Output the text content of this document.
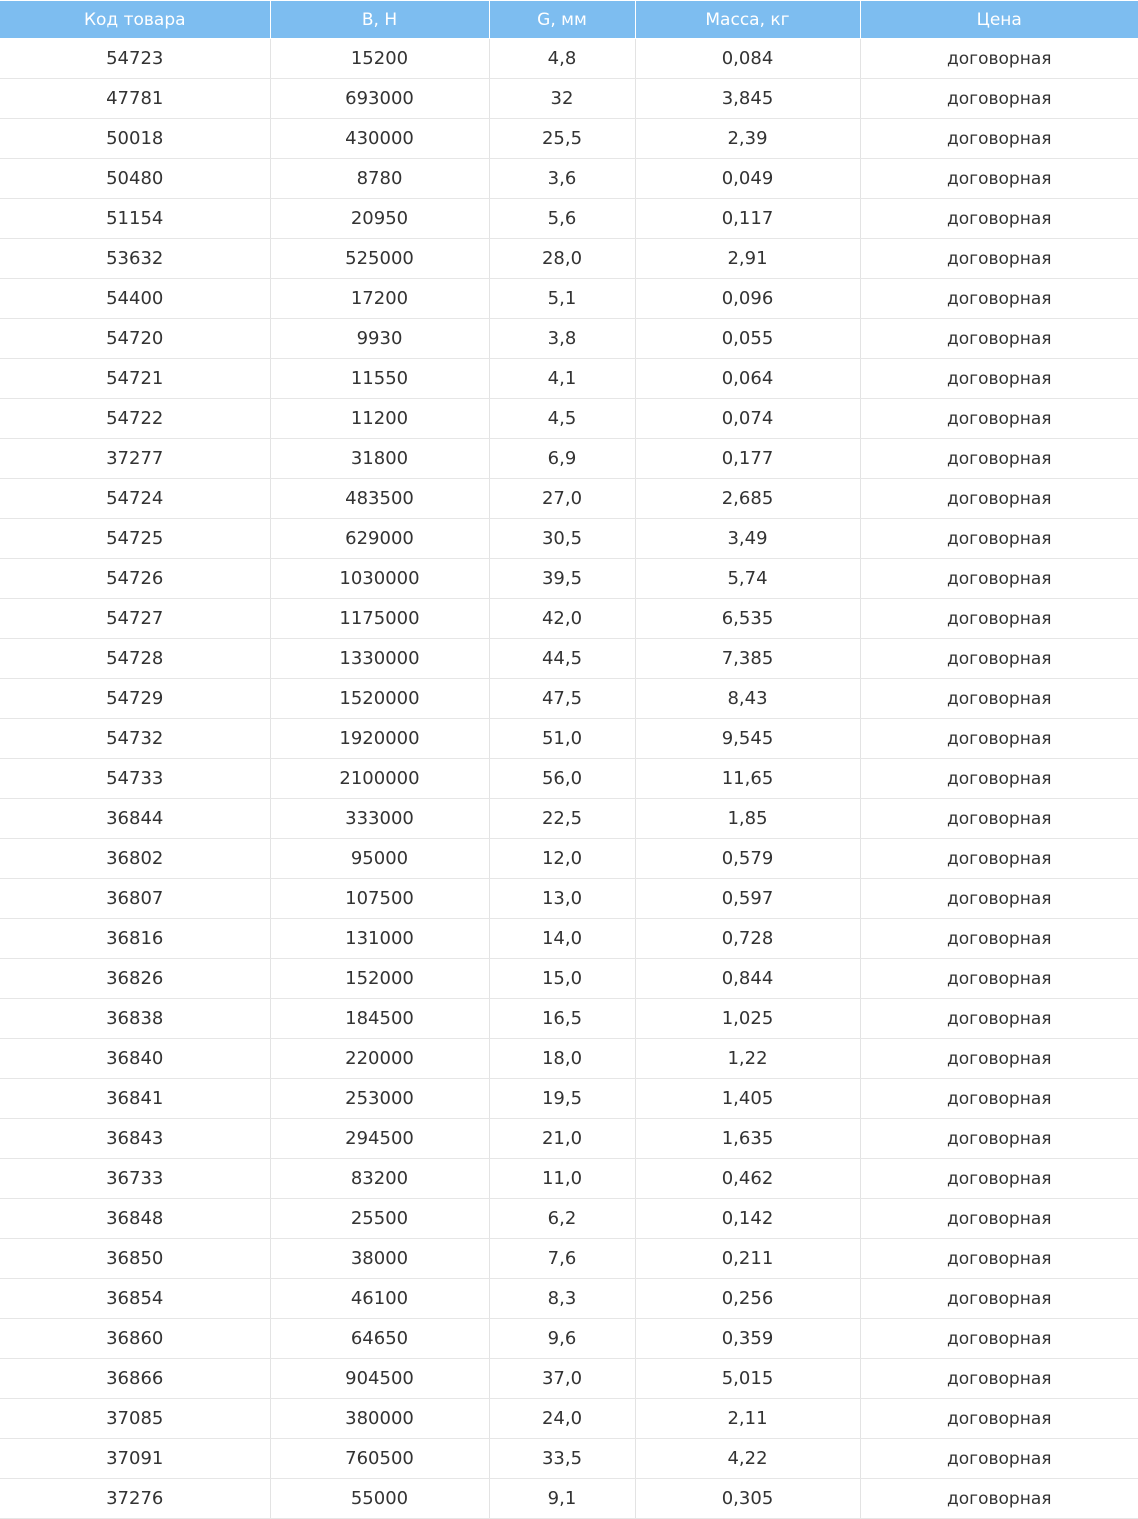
Код товара	В, Н	G, мм	Масса, кг	Цена
54723	15200	4,8	0,084	договорная
47781	693000	32	3,845	договорная
50018	430000	25,5	2,39	договорная
50480	8780	3,6	0,049	договорная
51154	20950	5,6	0,117	договорная
53632	525000	28,0	2,91	договорная
54400	17200	5,1	0,096	договорная
54720	9930	3,8	0,055	договорная
54721	11550	4,1	0,064	договорная
54722	11200	4,5	0,074	договорная
37277	31800	6,9	0,177	договорная
54724	483500	27,0	2,685	договорная
54725	629000	30,5	3,49	договорная
54726	1030000	39,5	5,74	договорная
54727	1175000	42,0	6,535	договорная
54728	1330000	44,5	7,385	договорная
54729	1520000	47,5	8,43	договорная
54732	1920000	51,0	9,545	договорная
54733	2100000	56,0	11,65	договорная
36844	333000	22,5	1,85	договорная
36802	95000	12,0	0,579	договорная
36807	107500	13,0	0,597	договорная
36816	131000	14,0	0,728	договорная
36826	152000	15,0	0,844	договорная
36838	184500	16,5	1,025	договорная
36840	220000	18,0	1,22	договорная
36841	253000	19,5	1,405	договорная
36843	294500	21,0	1,635	договорная
36733	83200	11,0	0,462	договорная
36848	25500	6,2	0,142	договорная
36850	38000	7,6	0,211	договорная
36854	46100	8,3	0,256	договорная
36860	64650	9,6	0,359	договорная
36866	904500	37,0	5,015	договорная
37085	380000	24,0	2,11	договорная
37091	760500	33,5	4,22	договорная
37276	55000	9,1	0,305	договорная
